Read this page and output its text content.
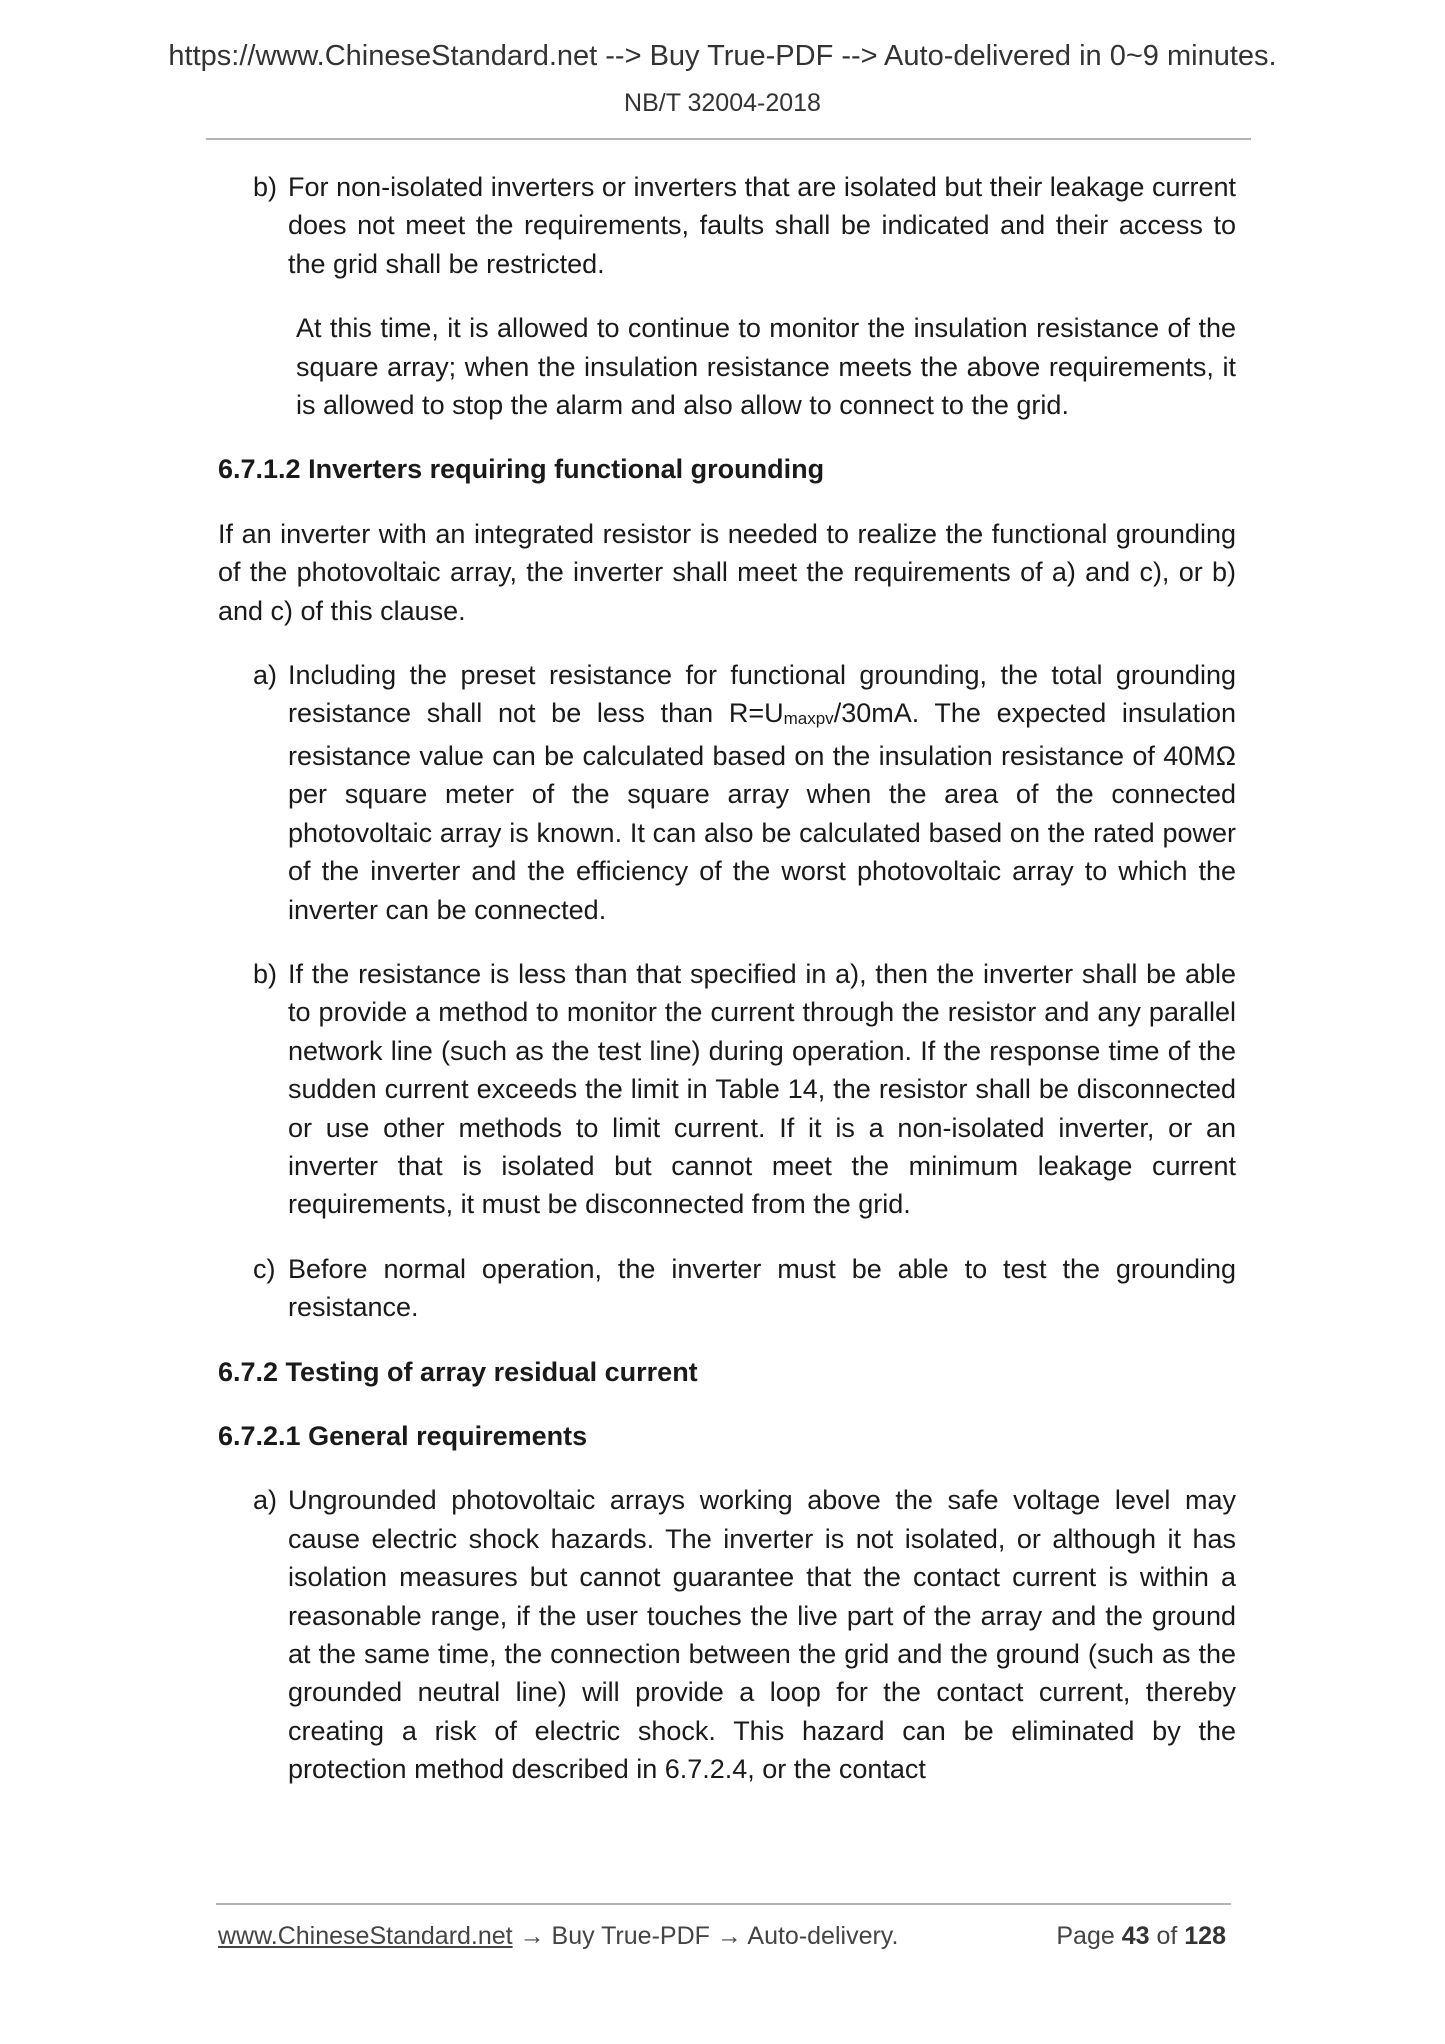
https://www.ChineseStandard.net --> Buy True-PDF --> Auto-delivered in 0~9 minutes.
NB/T 32004-2018
b) For non-isolated inverters or inverters that are isolated but their leakage current does not meet the requirements, faults shall be indicated and their access to the grid shall be restricted.
At this time, it is allowed to continue to monitor the insulation resistance of the square array; when the insulation resistance meets the above requirements, it is allowed to stop the alarm and also allow to connect to the grid.
6.7.1.2 Inverters requiring functional grounding
If an inverter with an integrated resistor is needed to realize the functional grounding of the photovoltaic array, the inverter shall meet the requirements of a) and c), or b) and c) of this clause.
a) Including the preset resistance for functional grounding, the total grounding resistance shall not be less than $R=U_{maxpv}/30mA$. The expected insulation resistance value can be calculated based on the insulation resistance of 40MΩ per square meter of the square array when the area of the connected photovoltaic array is known. It can also be calculated based on the rated power of the inverter and the efficiency of the worst photovoltaic array to which the inverter can be connected.
b) If the resistance is less than that specified in a), then the inverter shall be able to provide a method to monitor the current through the resistor and any parallel network line (such as the test line) during operation. If the response time of the sudden current exceeds the limit in Table 14, the resistor shall be disconnected or use other methods to limit current. If it is a non-isolated inverter, or an inverter that is isolated but cannot meet the minimum leakage current requirements, it must be disconnected from the grid.
c) Before normal operation, the inverter must be able to test the grounding resistance.
6.7.2 Testing of array residual current
6.7.2.1 General requirements
a) Ungrounded photovoltaic arrays working above the safe voltage level may cause electric shock hazards. The inverter is not isolated, or although it has isolation measures but cannot guarantee that the contact current is within a reasonable range, if the user touches the live part of the array and the ground at the same time, the connection between the grid and the ground (such as the grounded neutral line) will provide a loop for the contact current, thereby creating a risk of electric shock. This hazard can be eliminated by the protection method described in 6.7.2.4, or the contact
www.ChineseStandard.net → Buy True-PDF → Auto-delivery.	Page 43 of 128
